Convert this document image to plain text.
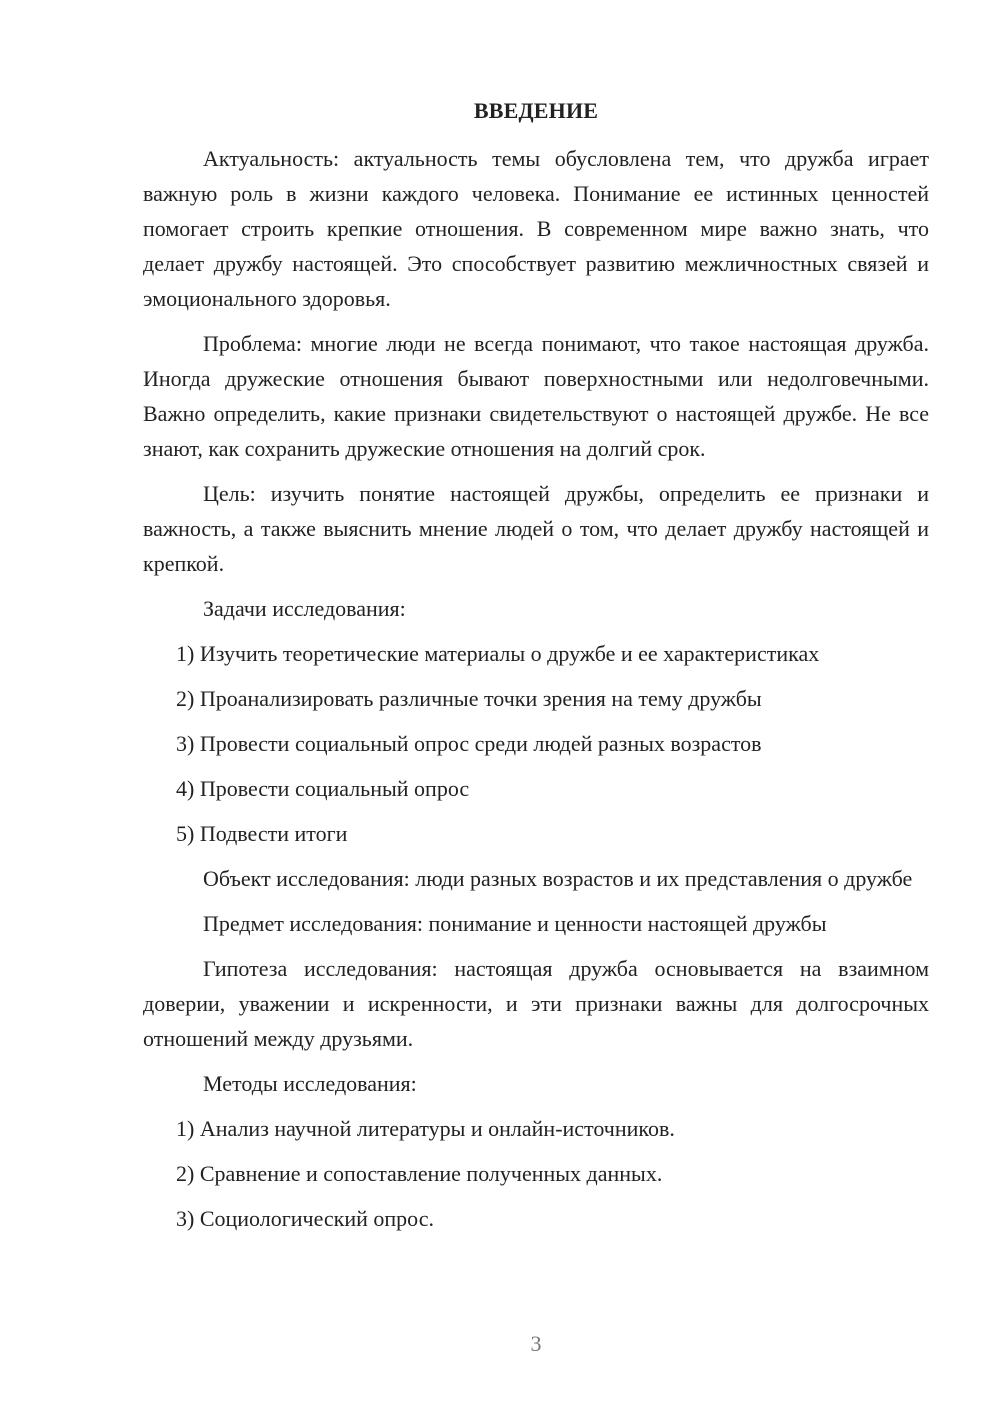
ВВЕДЕНИЕ

Актуальность: актуальность темы обусловлена тем, что дружба играет важную роль в жизни каждого человека. Понимание ее истинных ценностей помогает строить крепкие отношения. В современном мире важно знать, что делает дружбу настоящей. Это способствует развитию межличностных связей и эмоционального здоровья.

Проблема: многие люди не всегда понимают, что такое настоящая дружба. Иногда дружеские отношения бывают поверхностными или недолговечными. Важно определить, какие признаки свидетельствуют о настоящей дружбе. Не все знают, как сохранить дружеские отношения на долгий срок.

Цель: изучить понятие настоящей дружбы, определить ее признаки и важность, а также выяснить мнение людей о том, что делает дружбу настоящей и крепкой.

Задачи исследования:

1) Изучить теоретические материалы о дружбе и ее характеристиках
2) Проанализировать различные точки зрения на тему дружбы
3) Провести социальный опрос среди людей разных возрастов
4) Провести социальный опрос
5) Подвести итоги

Объект исследования: люди разных возрастов и их представления о дружбе

Предмет исследования: понимание и ценности настоящей дружбы

Гипотеза исследования: настоящая дружба основывается на взаимном доверии, уважении и искренности, и эти признаки важны для долгосрочных отношений между друзьями.

Методы исследования:

1) Анализ научной литературы и онлайн-источников.
2) Сравнение и сопоставление полученных данных.
3) Социологический опрос.
3
